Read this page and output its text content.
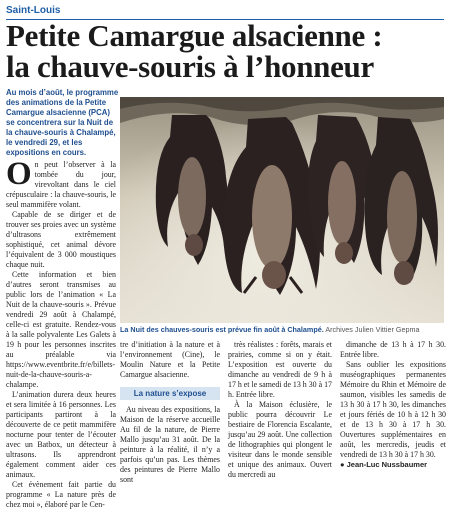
Saint-Louis
Petite Camargue alsacienne :
la chauve-souris à l’honneur
Au mois d’août, le programme des animations de la Petite Camargue alsacienne (PCA) se concentrera sur la Nuit de la chauve-souris à Chalampé, le vendredi 29, et les expositions en cours.

On peut l’observer à la tombée du jour, virevoltant dans le ciel crépusculaire : la chauve-souris, le seul mammifère volant.

Capable de se diriger et de trouver ses proies avec un système d’ultrasons extrêmement sophistiqué, cet animal dévore l’équivalent de 3 000 moustiques chaque nuit.

Cette information et bien d’autres seront transmises au public lors de l’animation « La Nuit de la chauve-souris ». Prévue vendredi 29 août à Chalampé, celle-ci est gratuite. Rendez-vous à la salle polyvalente Les Galets à 19 h pour les personnes inscrites au préalable via https://www.eventbrite.fr/e/billets-nuit-de-la-chauve-souris-a-chalampe.

L’animation durera deux heures et sera limitée à 16 personnes. Les participants partiront à la découverte de ce petit mammifère nocturne pour tenter de l’écouter avec un Batbox, un détecteur à ultrasons. Ils apprendront également comment aider ces animaux.

Cet évènement fait partie du programme « La nature près de chez moi », élaboré par le Cen-

La Nuit des chauves-souris est prévue fin août à Chalampé. Archives Julien Vittier Gepma

tre d’initiation à la nature et à l’environnement (Cine), le Moulin Nature et la Petite Camargue alsacienne.

La nature s’expose

Au niveau des expositions, la Maison de la réserve accueille Au fil de la nature, de Pierre Mallo jusqu’au 31 août. De la peinture à la réalité, il n’y a parfois qu’un pas. Les thèmes des peintures de Pierre Mallo sont

très réalistes : forêts, marais et prairies, comme si on y était. L’exposition est ouverte du dimanche au vendredi de 9 h à 17 h et le samedi de 13 h 30 à 17 h. Entrée libre.

À la Maison éclusière, le public pourra découvrir Le bestiaire de Florencia Escalante, jusqu’au 29 août. Une collection de lithographies qui plongent le visiteur dans le monde sensible et unique des animaux. Ouvert du mercredi au

dimanche de 13 h à 17 h 30. Entrée libre.

Sans oublier les expositions muséographiques permanentes Mémoire du Rhin et Mémoire de saumon, visibles les samedis de 13 h 30 à 17 h 30, les dimanches et jours fériés de 10 h à 12 h 30 et de 13 h 30 à 17 h 30. Ouvertures supplémentaires en août, les mercredis, jeudis et vendredi de 13 h 30 à 17 h 30.

● Jean-Luc Nussbaumer
